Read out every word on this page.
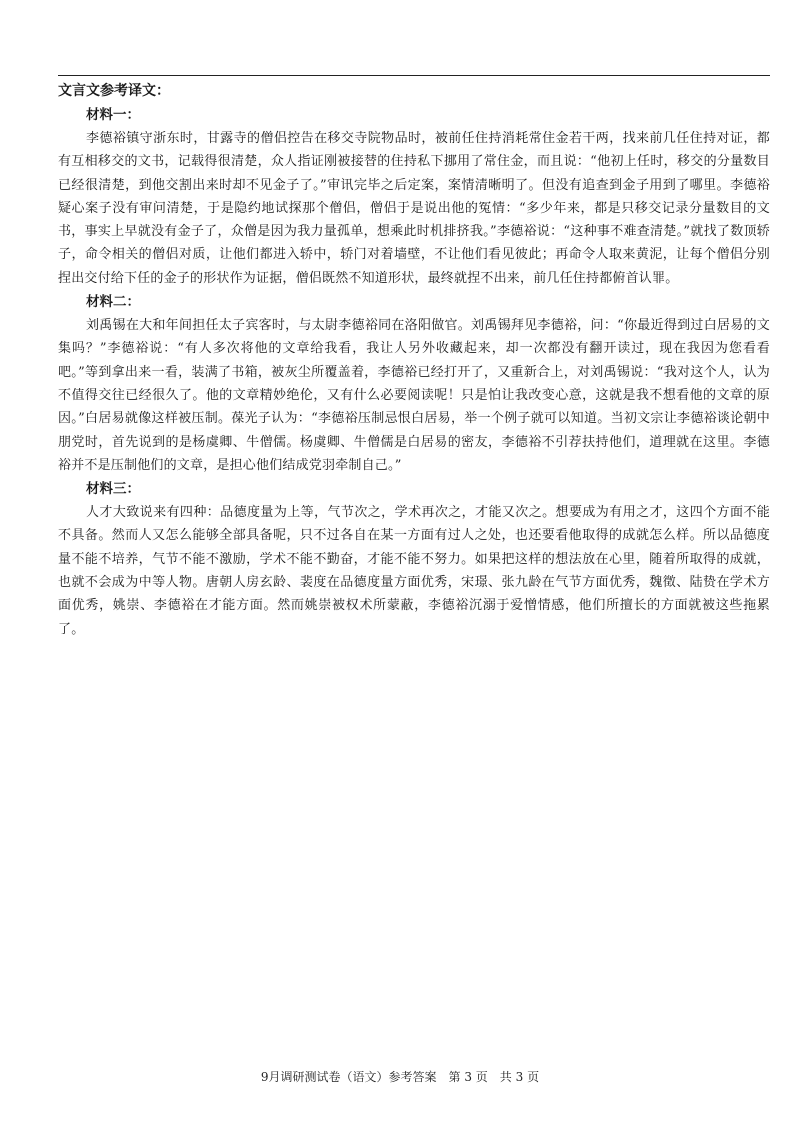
文言文参考译文：
材料一：

李德裕镇守浙东时，甘露寺的僧侣控告在移交寺院物品时，被前任住持消耗常住金若干两，找来前几任住持对证，都有互相移交的文书，记载得很清楚，众人指证刚被接替的住持私下挪用了常住金，而且说：“他初上任时，移交的分量数目已经很清楚，到他交割出来时却不见金子了。”审讯完毕之后定案，案情清晰明了。但没有追查到金子用到了哪里。李德裕疑心案子没有审问清楚，于是隐约地试探那个僧侣，僧侣于是说出他的冤情：“多少年来，都是只移交记录分量数目的文书，事实上早就没有金子了，众僧是因为我力量孤单，想乘此时机排挤我。”李德裕说：“这种事不难查清楚。”就找了数顶轿子，命令相关的僧侣对质，让他们都进入轿中，轿门对着墙壁，不让他们看见彼此；再命令人取来黄泥，让每个僧侣分别捏出交付给下任的金子的形状作为证据，僧侣既然不知道形状，最终就捏不出来，前几任住持都俯首认罪。

材料二：

刘禹锡在大和年间担任太子宾客时，与太尉李德裕同在洛阳做官。刘禹锡拜见李德裕，问：“你最近得到过白居易的文集吗？”李德裕说：“有人多次将他的文章给我看，我让人另外收藏起来，却一次都没有翻开读过，现在我因为您看看吧。”等到拿出来一看，装满了书箱，被灰尘所覆盖着，李德裕已经打开了，又重新合上，对刘禹锡说：“我对这个人，认为不值得交往已经很久了。他的文章精妙绝伦，又有什么必要阅读呢！只是怕让我改变心意，这就是我不想看他的文章的原因。”白居易就像这样被压制。葆光子认为：“李德裕压制忌恨白居易，举一个例子就可以知道。当初文宗让李德裕谈论朝中朋党时，首先说到的是杨虞卿、牛僧儒。杨虞卿、牛僧儒是白居易的密友，李德裕不引荐扶持他们，道理就在这里。李德裕并不是压制他们的文章，是担心他们结成党羽牵制自己。”

材料三：

人才大致说来有四种：品德度量为上等，气节次之，学术再次之，才能又次之。想要成为有用之才，这四个方面不能不具备。然而人又怎么能够全部具备呢，只不过各自在某一方面有过人之处，也还要看他取得的成就怎么样。所以品德度量不能不培养，气节不能不激励，学术不能不勤奋，才能不能不努力。如果把这样的想法放在心里，随着所取得的成就，也就不会成为中等人物。唐朝人房玄龄、裴度在品德度量方面优秀，宋璟、张九龄在气节方面优秀，魏徵、陆贽在学术方面优秀，姚崇、李德裕在才能方面。然而姚崇被权术所蒙蔽，李德裕沉溺于爱憎情感，他们所擅长的方面就被这些拖累了。

9月调研测试卷（语文）参考答案　第 3 页　共 3 页
